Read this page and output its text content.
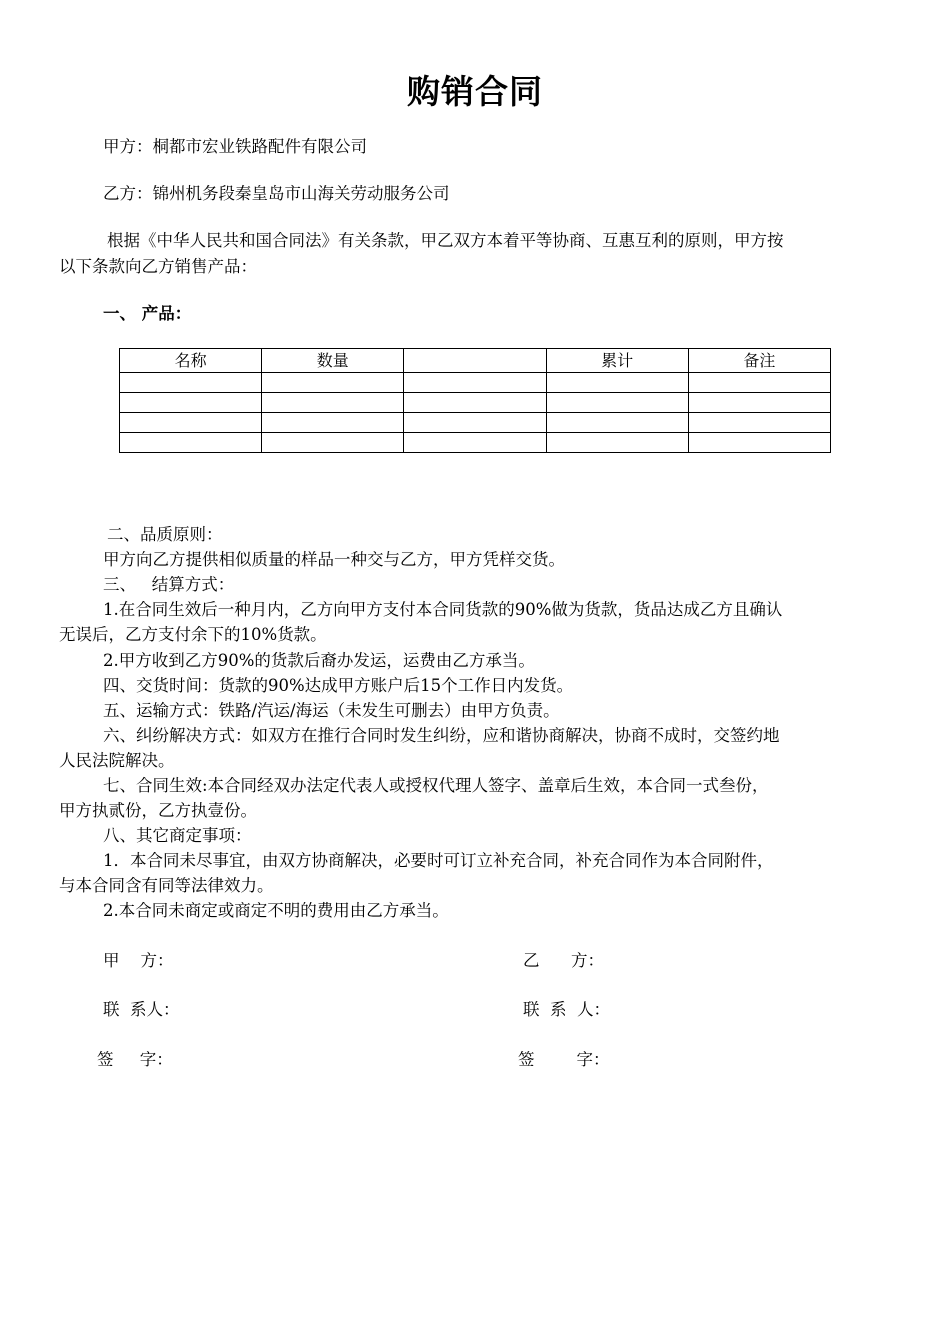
购销合同
甲方：桐都市宏业铁路配件有限公司
乙方：锦州机务段秦皇岛市山海关劳动服务公司
根据《中华人民共和国合同法》有关条款，甲乙双方本着平等协商、互惠互利的原则，甲方按
以下条款向乙方销售产品：
一、 产品：
名称	数量		累计	备注

二、品质原则：
甲方向乙方提供相似质量的样品一种交与乙方，甲方凭样交货。
三、   结算方式：
1.在合同生效后一种月内，乙方向甲方支付本合同货款的90%做为货款，货品达成乙方且确认
无误后，乙方支付余下的10%货款。
2.甲方收到乙方90%的货款后裔办发运，运费由乙方承当。
四、交货时间：货款的90%达成甲方账户后15个工作日内发货。
五、运输方式：铁路/汽运/海运（未发生可删去）由甲方负责。
六、纠纷解决方式：如双方在推行合同时发生纠纷，应和谐协商解决，协商不成时，交签约地
人民法院解决。
七、合同生效:本合同经双办法定代表人或授权代理人签字、盖章后生效，本合同一式叁份，
甲方执贰份，乙方执壹份。
八、其它商定事项：
1．本合同未尽事宜，由双方协商解决，必要时可订立补充合同，补充合同作为本合同附件，
与本合同含有同等法律效力。
2.本合同未商定或商定不明的费用由乙方承当。
甲    方：	乙      方：
联  系人：	联  系  人：
签     字：	签        字：
